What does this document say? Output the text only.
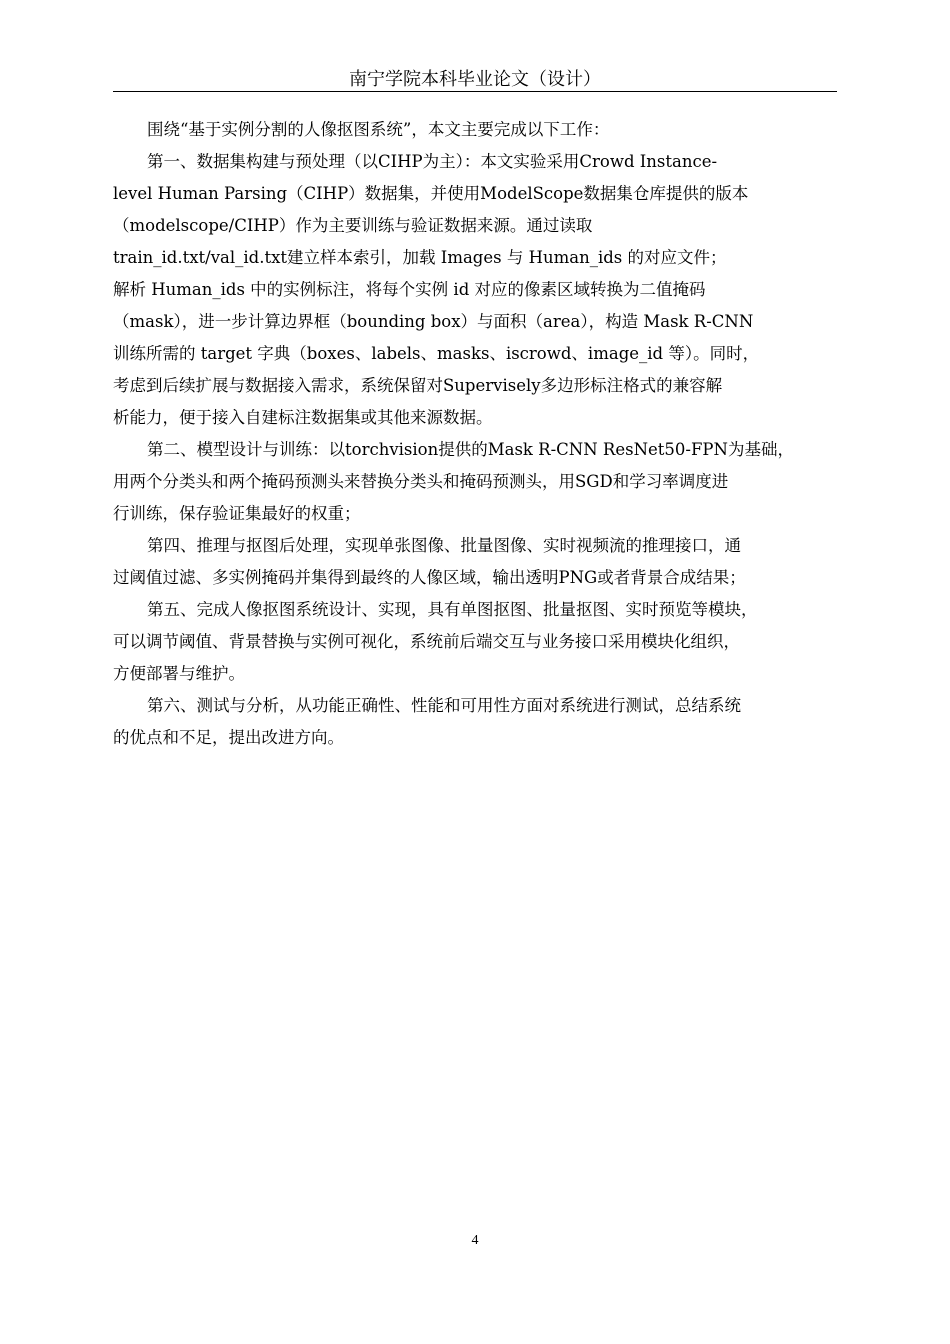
南宁学院本科毕业论文（设计）
围绕“基于实例分割的人像抠图系统”，本文主要完成以下工作：
第一、数据集构建与预处理（以CIHP为主）：本文实验采用Crowd Instance-
level Human Parsing（CIHP）数据集，并使用ModelScope数据集仓库提供的版本
（modelscope/CIHP）作为主要训练与验证数据来源。通过读取
train_id.txt/val_id.txt建立样本索引，加载 Images 与 Human_ids 的对应文件；
解析 Human_ids 中的实例标注，将每个实例 id 对应的像素区域转换为二值掩码
（mask），进一步计算边界框（bounding box）与面积（area），构造 Mask R-CNN
训练所需的 target 字典（boxes、labels、masks、iscrowd、image_id 等）。同时，
考虑到后续扩展与数据接入需求，系统保留对Supervisely多边形标注格式的兼容解
析能力，便于接入自建标注数据集或其他来源数据。
第二、模型设计与训练：以torchvision提供的Mask R-CNN ResNet50-FPN为基础，
用两个分类头和两个掩码预测头来替换分类头和掩码预测头，用SGD和学习率调度进
行训练，保存验证集最好的权重；
第四、推理与抠图后处理，实现单张图像、批量图像、实时视频流的推理接口，通
过阈值过滤、多实例掩码并集得到最终的人像区域，输出透明PNG或者背景合成结果；
第五、完成人像抠图系统设计、实现，具有单图抠图、批量抠图、实时预览等模块，
可以调节阈值、背景替换与实例可视化，系统前后端交互与业务接口采用模块化组织，
方便部署与维护。
第六、测试与分析，从功能正确性、性能和可用性方面对系统进行测试，总结系统
的优点和不足，提出改进方向。
4
